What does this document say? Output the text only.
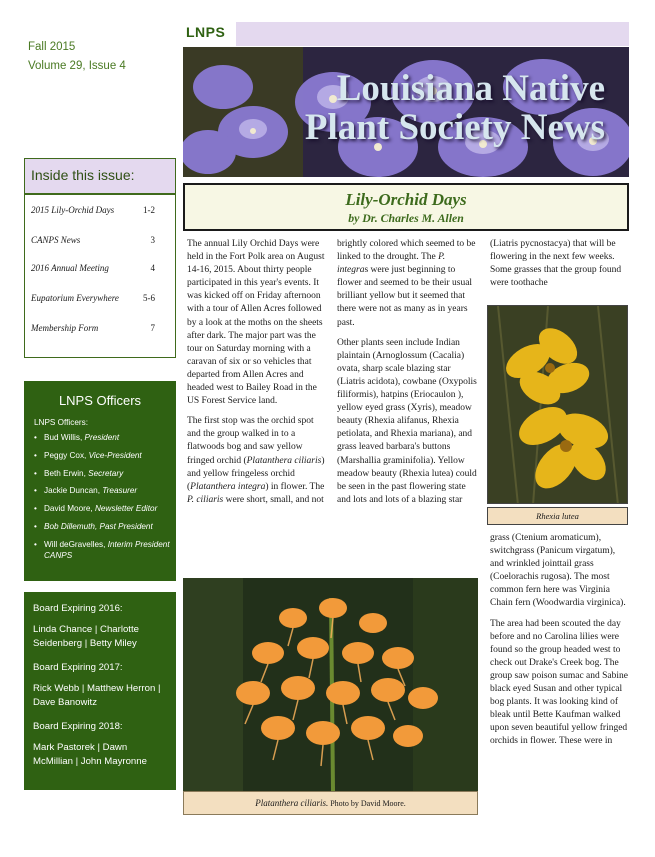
Fall 2015
Volume 29, Issue 4
Inside this issue:
2015 Lily-Orchid Days	1-2
CANPS News	3
2016 Annual Meeting	4
Eupatorium Everywhere	5-6
Membership Form	7
LNPS Officers
LNPS Officers:
• Bud Willis, President
• Peggy Cox, Vice-President
• Beth Erwin, Secretary
• Jackie Duncan, Treasurer
• David Moore, Newsletter Editor
• Bob Dillemuth, Past President
• Will deGravelles, Interim President CANPS
Board Expiring 2016:
Linda Chance | Charlotte Seidenberg | Betty Miley
Board Expiring 2017:
Rick Webb | Matthew Herron | Dave Banowitz
Board Expiring 2018:
Mark Pastorek | Dawn McMillian | John Mayronne
LNPS
Louisiana Native
Plant Society News
Lily-Orchid Days
by Dr. Charles M. Allen

The annual Lily Orchid Days were held in the Fort Polk area on August 14-16, 2015. About thirty people participated in this year's events. It was kicked off on Friday afternoon with a tour of Allen Acres followed by a look at the moths on the sheets after dark. The major part was the tour on Saturday morning with a caravan of six or so vehicles that departed from Allen Acres and headed west to Bailey Road in the US Forest Service land.

The first stop was the orchid spot and the group walked in to a flatwoods bog and saw yellow fringed orchid (Platanthera ciliaris) and yellow fringeless orchid (Platanthera integra) in flower. The P. ciliaris were short, small, and not

brightly colored which seemed to be linked to the drought. The P. integras were just beginning to flower and seemed to be their usual brilliant yellow but it seemed that there were not as many as in years past.

Other plants seen include Indian plaintain (Arnoglossum (Cacalia) ovata, sharp scale blazing star (Liatris acidota), cowbane (Oxypolis filiformis), hatpins (Eriocaulon ), yellow eyed grass (Xyris), meadow beauty (Rhexia alifanus, Rhexia petiolata, and Rhexia mariana), and grass leaved barbara's buttons (Marshallia graminifolia). Yellow meadow beauty (Rhexia lutea) could be seen in the past flowering state and lots and lots of a blazing star

(Liatris pycnostacya) that will be flowering in the next few weeks. Some grasses that the group found were toothache

Rhexia lutea

grass (Ctenium aromaticum), switchgrass (Panicum virgatum), and wrinkled jointtail grass (Coelorachis rugosa). The most common fern here was Virginia Chain fern (Woodwardia virginica).

The area had been scouted the day before and no Carolina lilies were found so the group headed west to check out Drake's Creek bog. The group saw poison sumac and Sabine black eyed Susan and other typical bog plants. It was looking kind of bleak until Bette Kaufman walked upon seven beautiful yellow fringed orchids in flower. These were in

Platanthera ciliaris. Photo by David Moore.
